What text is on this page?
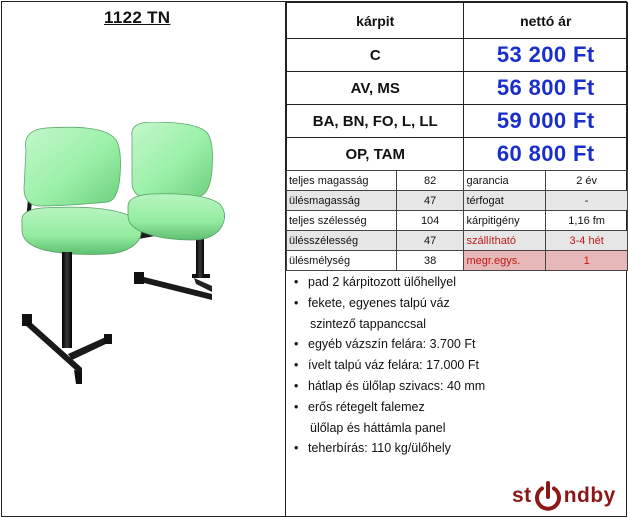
1122 TN	kárpit	nettó ár
C	53 200 Ft
AV, MS	56 800 Ft
BA, BN, FO, L, LL	59 000 Ft
OP, TAM	60 800 Ft
teljes magasság	82	garancia	2 év
ülésmagasság	47	térfogat	-
teljes szélesség	104	kárpitigény	1,16 fm
ülésszélesség	47	szállítható	3-4 hét
ülésmélység	38	megr.egys.	1
• pad 2 kárpitozott ülőhellyel
• fekete, egyenes talpú váz
szintező tappanccsal
• egyéb vázszín felára: 3.700 Ft
• ívelt talpú váz felára: 17.000 Ft
• hátlap és ülőlap szivacs: 40 mm
• erős rétegelt falemez
ülőlap és háttámla panel
• teherbírás: 110 kg/ülőhely
st ndby
